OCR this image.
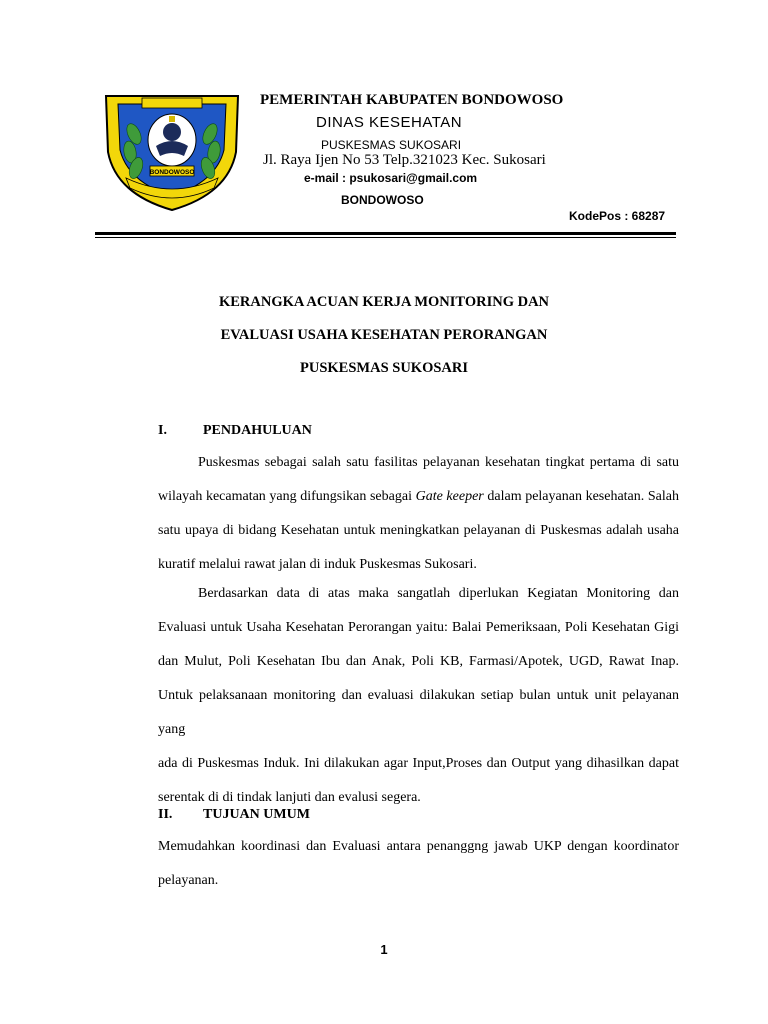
BONDOWOSO
PEMERINTAH KABUPATEN BONDOWOSO
DINAS KESEHATAN
PUSKESMAS SUKOSARI
Jl. Raya Ijen No 53 Telp.321023 Kec. Sukosari
e-mail : psukosari@gmail.com
BONDOWOSO
KodePos : 68287
KERANGKA ACUAN KERJA MONITORING DAN
EVALUASI USAHA KESEHATAN PERORANGAN
PUSKESMAS SUKOSARI
I.	PENDAHULUAN
Puskesmas sebagai salah satu fasilitas pelayanan kesehatan tingkat pertama di satu
wilayah kecamatan yang difungsikan sebagai Gate keeper dalam pelayanan kesehatan. Salah
satu upaya di bidang Kesehatan untuk meningkatkan pelayanan di Puskesmas adalah usaha
kuratif melalui rawat jalan di induk Puskesmas Sukosari.
Berdasarkan data di atas maka sangatlah diperlukan Kegiatan Monitoring dan
Evaluasi untuk Usaha Kesehatan Perorangan yaitu: Balai Pemeriksaan, Poli Kesehatan Gigi
dan Mulut, Poli Kesehatan Ibu dan Anak, Poli KB, Farmasi/Apotek, UGD, Rawat Inap.
Untuk pelaksanaan monitoring dan evaluasi dilakukan setiap bulan untuk unit pelayanan yang
ada di Puskesmas Induk. Ini dilakukan agar Input,Proses dan Output yang dihasilkan dapat
serentak di di tindak lanjuti dan evalusi segera.
II. TUJUAN UMUM
Memudahkan koordinasi dan Evaluasi antara penanggng jawab UKP dengan koordinator
pelayanan.
1
